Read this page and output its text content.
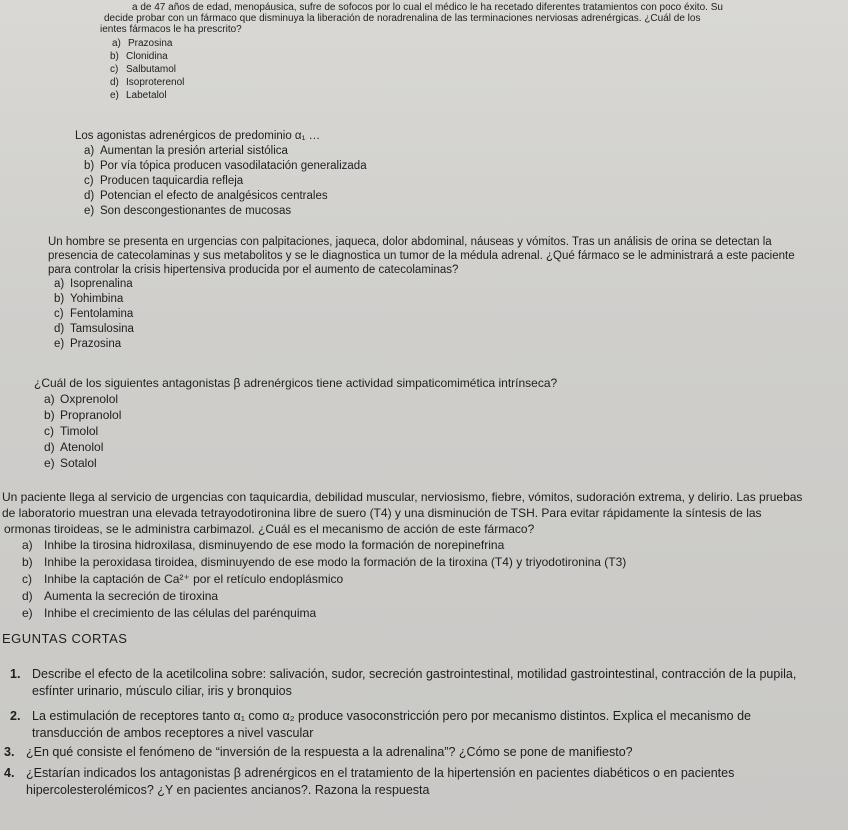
a de 47 años de edad, menopáusica, sufre de sofocos por lo cual el médico le ha recetado diferentes tratamientos con poco éxito. Su
decide probar con un fármaco que disminuya la liberación de noradrenalina de las terminaciones nerviosas adrenérgicas. ¿Cuál de los
ientes fármacos le ha prescrito?
a) Prazosina
b) Clonidina
c) Salbutamol
d) Isoproterenol
e) Labetalol
Los agonistas adrenérgicos de predominio α₁ …
a) Aumentan la presión arterial sistólica
b) Por vía tópica producen vasodilatación generalizada
c) Producen taquicardia refleja
d) Potencian el efecto de analgésicos centrales
e) Son descongestionantes de mucosas
Un hombre se presenta en urgencias con palpitaciones, jaqueca, dolor abdominal, náuseas y vómitos. Tras un análisis de orina se detectan la
presencia de catecolaminas y sus metabolitos y se le diagnostica un tumor de la médula adrenal. ¿Qué fármaco se le administrará a este paciente
para controlar la crisis hipertensiva producida por el aumento de catecolaminas?
a) Isoprenalina
b) Yohimbina
c) Fentolamina
d) Tamsulosina
e) Prazosina
¿Cuál de los siguientes antagonistas β adrenérgicos tiene actividad simpaticomimética intrínseca?
a) Oxprenolol
b) Propranolol
c) Timolol
d) Atenolol
e) Sotalol
Un paciente llega al servicio de urgencias con taquicardia, debilidad muscular, nerviosismo, fiebre, vómitos, sudoración extrema, y delirio. Las pruebas
de laboratorio muestran una elevada tetrayodotironina libre de suero (T4) y una disminución de TSH. Para evitar rápidamente la síntesis de las
ormonas tiroideas, se le administra carbimazol. ¿Cuál es el mecanismo de acción de este fármaco?
a) Inhibe la tirosina hidroxilasa, disminuyendo de ese modo la formación de norepinefrina
b) Inhibe la peroxidasa tiroidea, disminuyendo de ese modo la formación de la tiroxina (T4) y triyodotironina (T3)
c) Inhibe la captación de Ca²⁺ por el retículo endoplásmico
d) Aumenta la secreción de tiroxina
e) Inhibe el crecimiento de las células del parénquima
EGUNTAS CORTAS
1. Describe el efecto de la acetilcolina sobre: salivación, sudor, secreción gastrointestinal, motilidad gastrointestinal, contracción de la pupila,
esfínter urinario, músculo ciliar, iris y bronquios
2. La estimulación de receptores tanto α₁ como α₂ produce vasoconstricción pero por mecanismo distintos. Explica el mecanismo de
transducción de ambos receptores a nivel vascular
3. ¿En qué consiste el fenómeno de “inversión de la respuesta a la adrenalina”? ¿Cómo se pone de manifiesto?
4. ¿Estarían indicados los antagonistas β adrenérgicos en el tratamiento de la hipertensión en pacientes diabéticos o en pacientes
hipercolesterolémicos? ¿Y en pacientes ancianos?. Razona la respuesta
